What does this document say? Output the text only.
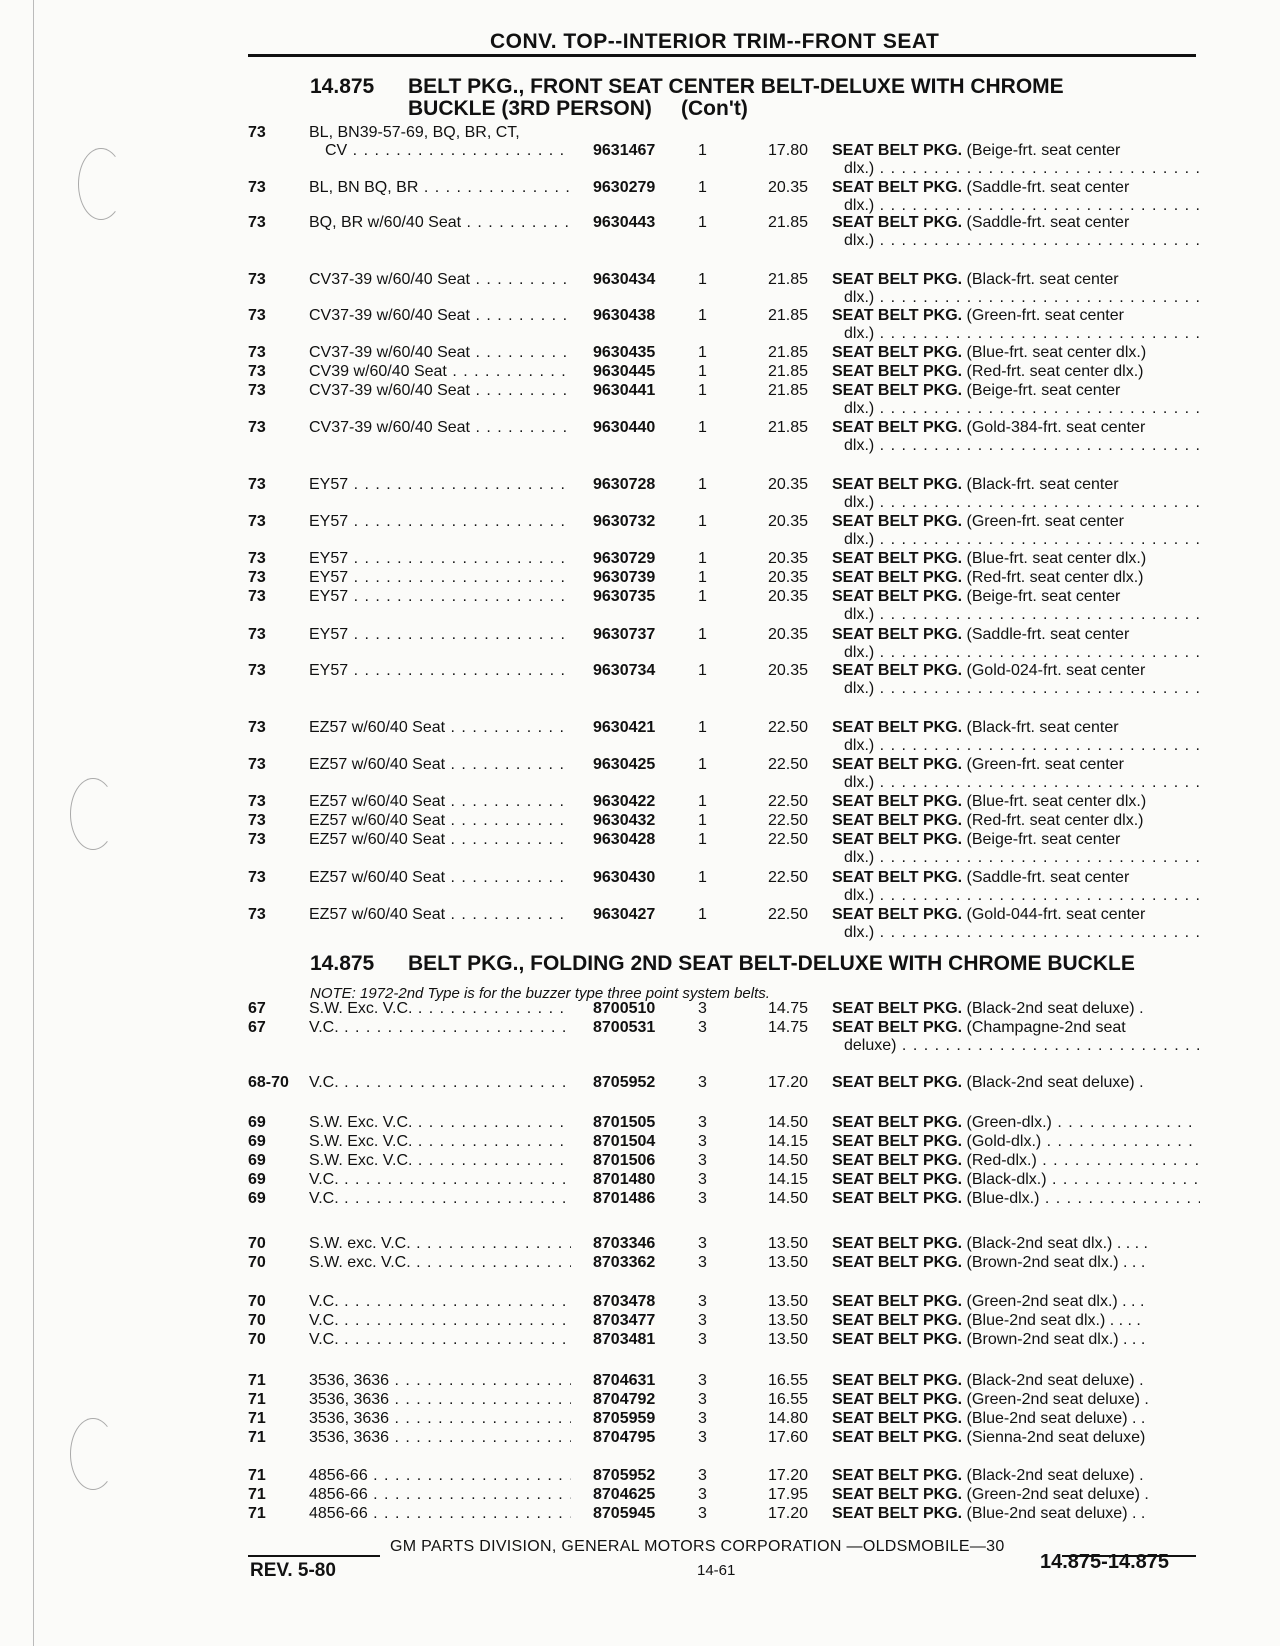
CONV. TOP--INTERIOR TRIM--FRONT SEAT
14.875 BELT PKG., FRONT SEAT CENTER BELT-DELUXE WITH CHROME
BUCKLE (3RD PERSON)     (Con't)
73	BL, BN39-57-69, BQ, BR, CT,
CV . . .	9631467	1	17.80 SEAT BELT PKG. (Beige-frt. seat center
dlx.) . . .
73	BL, BN BQ, BR . . .	9630279	1	20.35 SEAT BELT PKG. (Saddle-frt. seat center
dlx.) . . .
73	BQ, BR w/60/40 Seat . . .	9630443	1	21.85 SEAT BELT PKG. (Saddle-frt. seat center
dlx.) . . .
73	CV37-39 w/60/40 Seat . . .	9630434	1	21.85 SEAT BELT PKG. (Black-frt. seat center
dlx.) . . .
73	CV37-39 w/60/40 Seat . . .	9630438	1	21.85 SEAT BELT PKG. (Green-frt. seat center
dlx.) . . .
73	CV37-39 w/60/40 Seat . . .	9630435	1	21.85 SEAT BELT PKG. (Blue-frt. seat center dlx.)
73	CV39 w/60/40 Seat . . .	9630445	1	21.85 SEAT BELT PKG. (Red-frt. seat center dlx.)
73	CV37-39 w/60/40 Seat . . .	9630441	1	21.85 SEAT BELT PKG. (Beige-frt. seat center
dlx.) . . .
73	CV37-39 w/60/40 Seat . . .	9630440	1	21.85 SEAT BELT PKG. (Gold-384-frt. seat center
dlx.) . . .
73	EY57 . . .	9630728	1	20.35 SEAT BELT PKG. (Black-frt. seat center
dlx.) . . .
73	EY57 . . .	9630732	1	20.35 SEAT BELT PKG. (Green-frt. seat center
dlx.) . . .
73	EY57 . . .	9630729	1	20.35 SEAT BELT PKG. (Blue-frt. seat center dlx.)
73	EY57 . . .	9630739	1	20.35 SEAT BELT PKG. (Red-frt. seat center dlx.)
73	EY57 . . .	9630735	1	20.35 SEAT BELT PKG. (Beige-frt. seat center
dlx.) . . .
73	EY57 . . .	9630737	1	20.35 SEAT BELT PKG. (Saddle-frt. seat center
dlx.) . . .
73	EY57 . . .	9630734	1	20.35 SEAT BELT PKG. (Gold-024-frt. seat center
dlx.) . . .
73	EZ57 w/60/40 Seat . . .	9630421	1	22.50 SEAT BELT PKG. (Black-frt. seat center
dlx.) . . .
73	EZ57 w/60/40 Seat . . .	9630425	1	22.50 SEAT BELT PKG. (Green-frt. seat center
dlx.) . . .
73	EZ57 w/60/40 Seat . . .	9630422	1	22.50 SEAT BELT PKG. (Blue-frt. seat center dlx.)
73	EZ57 w/60/40 Seat . . .	9630432	1	22.50 SEAT BELT PKG. (Red-frt. seat center dlx.)
73	EZ57 w/60/40 Seat . . .	9630428	1	22.50 SEAT BELT PKG. (Beige-frt. seat center
dlx.) . . .
73	EZ57 w/60/40 Seat . . .	9630430	1	22.50 SEAT BELT PKG. (Saddle-frt. seat center
dlx.) . . .
73	EZ57 w/60/40 Seat . . .	9630427	1	22.50 SEAT BELT PKG. (Gold-044-frt. seat center
dlx.) . . .
14.875 BELT PKG., FOLDING 2ND SEAT BELT-DELUXE WITH CHROME BUCKLE
NOTE: 1972-2nd Type is for the buzzer type three point system belts.
67	S.W. Exc. V.C. . . .	8700510	3	14.75 SEAT BELT PKG. (Black-2nd seat deluxe) .
67	V.C. . . .	8700531	3	14.75 SEAT BELT PKG. (Champagne-2nd seat
deluxe) . . .
68-70 V.C. . . .	8705952	3	17.20 SEAT BELT PKG. (Black-2nd seat deluxe) .
69	S.W. Exc. V.C. . . .	8701505	3	14.50 SEAT BELT PKG. (Green-dlx.) . . .
69	S.W. Exc. V.C. . . .	8701504	3	14.15 SEAT BELT PKG. (Gold-dlx.) . . .
69	S.W. Exc. V.C. . . .	8701506	3	14.50 SEAT BELT PKG. (Red-dlx.) . . .
69	V.C. . . .	8701480	3	14.15 SEAT BELT PKG. (Black-dlx.) . . .
69	V.C. . . .	8701486	3	14.50 SEAT BELT PKG. (Blue-dlx.) . . .
70	S.W. exc. V.C. . . .	8703346	3	13.50 SEAT BELT PKG. (Black-2nd seat dlx.) . . . .
70	S.W. exc. V.C. . . .	8703362	3	13.50 SEAT BELT PKG. (Brown-2nd seat dlx.) . . .
70	V.C. . . .	8703478	3	13.50 SEAT BELT PKG. (Green-2nd seat dlx.) . . .
70	V.C. . . .	8703477	3	13.50 SEAT BELT PKG. (Blue-2nd seat dlx.) . . . .
70	V.C. . . .	8703481	3	13.50 SEAT BELT PKG. (Brown-2nd seat dlx.) . . .
71	3536, 3636 . . .	8704631	3	16.55 SEAT BELT PKG. (Black-2nd seat deluxe) .
71	3536, 3636 . . .	8704792	3	16.55 SEAT BELT PKG. (Green-2nd seat deluxe) .
71	3536, 3636 . . .	8705959	3	14.80 SEAT BELT PKG. (Blue-2nd seat deluxe) . .
71	3536, 3636 . . .	8704795	3	17.60 SEAT BELT PKG. (Sienna-2nd seat deluxe)
71	4856-66 . . .	8705952	3	17.20 SEAT BELT PKG. (Black-2nd seat deluxe) .
71	4856-66 . . .	8704625	3	17.95 SEAT BELT PKG. (Green-2nd seat deluxe) .
71	4856-66 . . .	8705945	3	17.20 SEAT BELT PKG. (Blue-2nd seat deluxe) . .
GM PARTS DIVISION, GENERAL MOTORS CORPORATION —OLDSMOBILE—30
REV. 5-80	14-61	14.875-14.875
